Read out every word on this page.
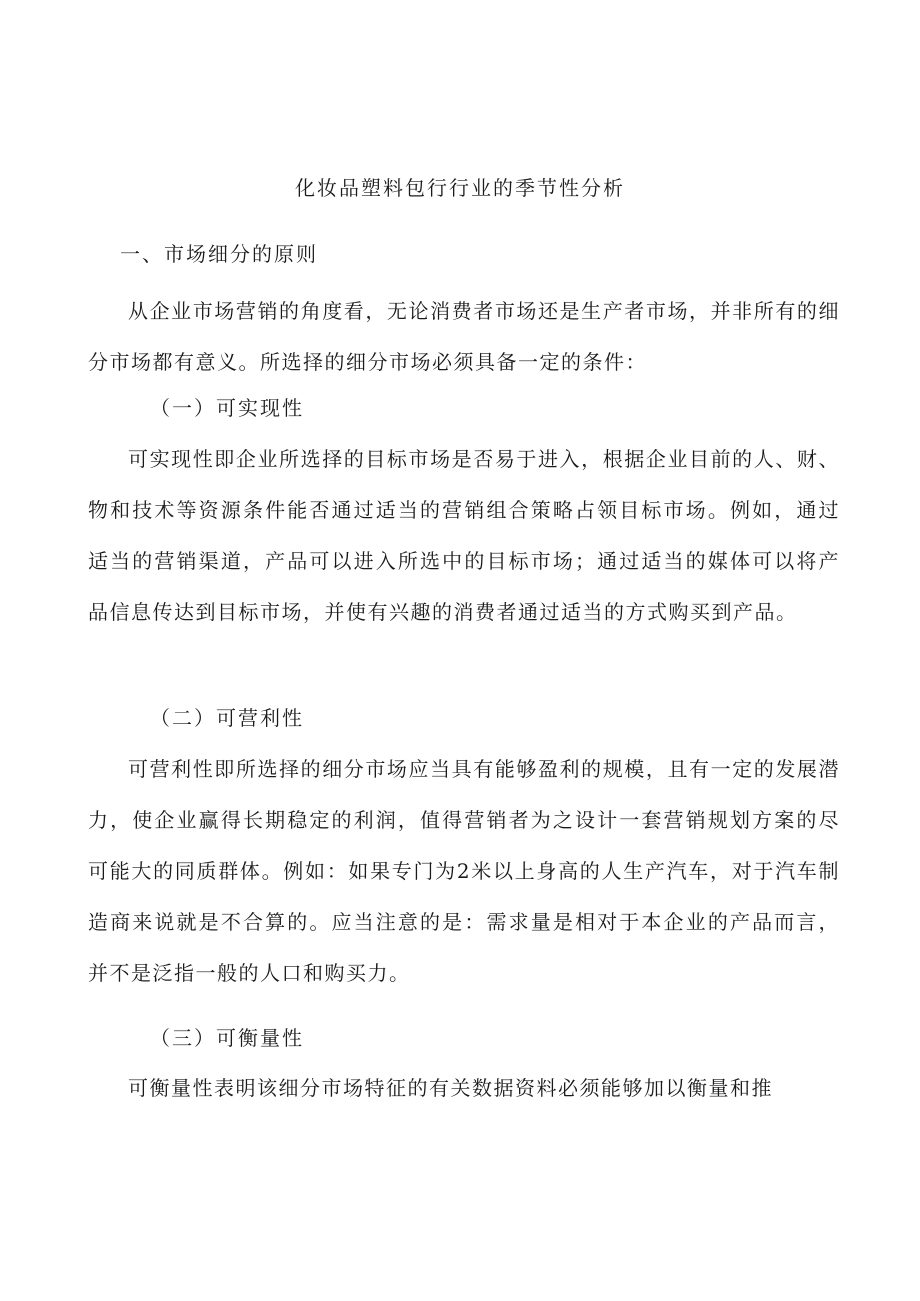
化妆品塑料包行行业的季节性分析
一、市场细分的原则

从企业市场营销的角度看，无论消费者市场还是生产者市场，并非所有的细分市场都有意义。所选择的细分市场必须具备一定的条件：

（一）可实现性

可实现性即企业所选择的目标市场是否易于进入，根据企业目前的人、财、物和技术等资源条件能否通过适当的营销组合策略占领目标市场。例如，通过适当的营销渠道，产品可以进入所选中的目标市场；通过适当的媒体可以将产品信息传达到目标市场，并使有兴趣的消费者通过适当的方式购买到产品。

（二）可营利性

可营利性即所选择的细分市场应当具有能够盈利的规模，且有一定的发展潜力，使企业赢得长期稳定的利润，值得营销者为之设计一套营销规划方案的尽可能大的同质群体。例如：如果专门为2米以上身高的人生产汽车，对于汽车制造商来说就是不合算的。应当注意的是：需求量是相对于本企业的产品而言，并不是泛指一般的人口和购买力。

（三）可衡量性

可衡量性表明该细分市场特征的有关数据资料必须能够加以衡量和推
